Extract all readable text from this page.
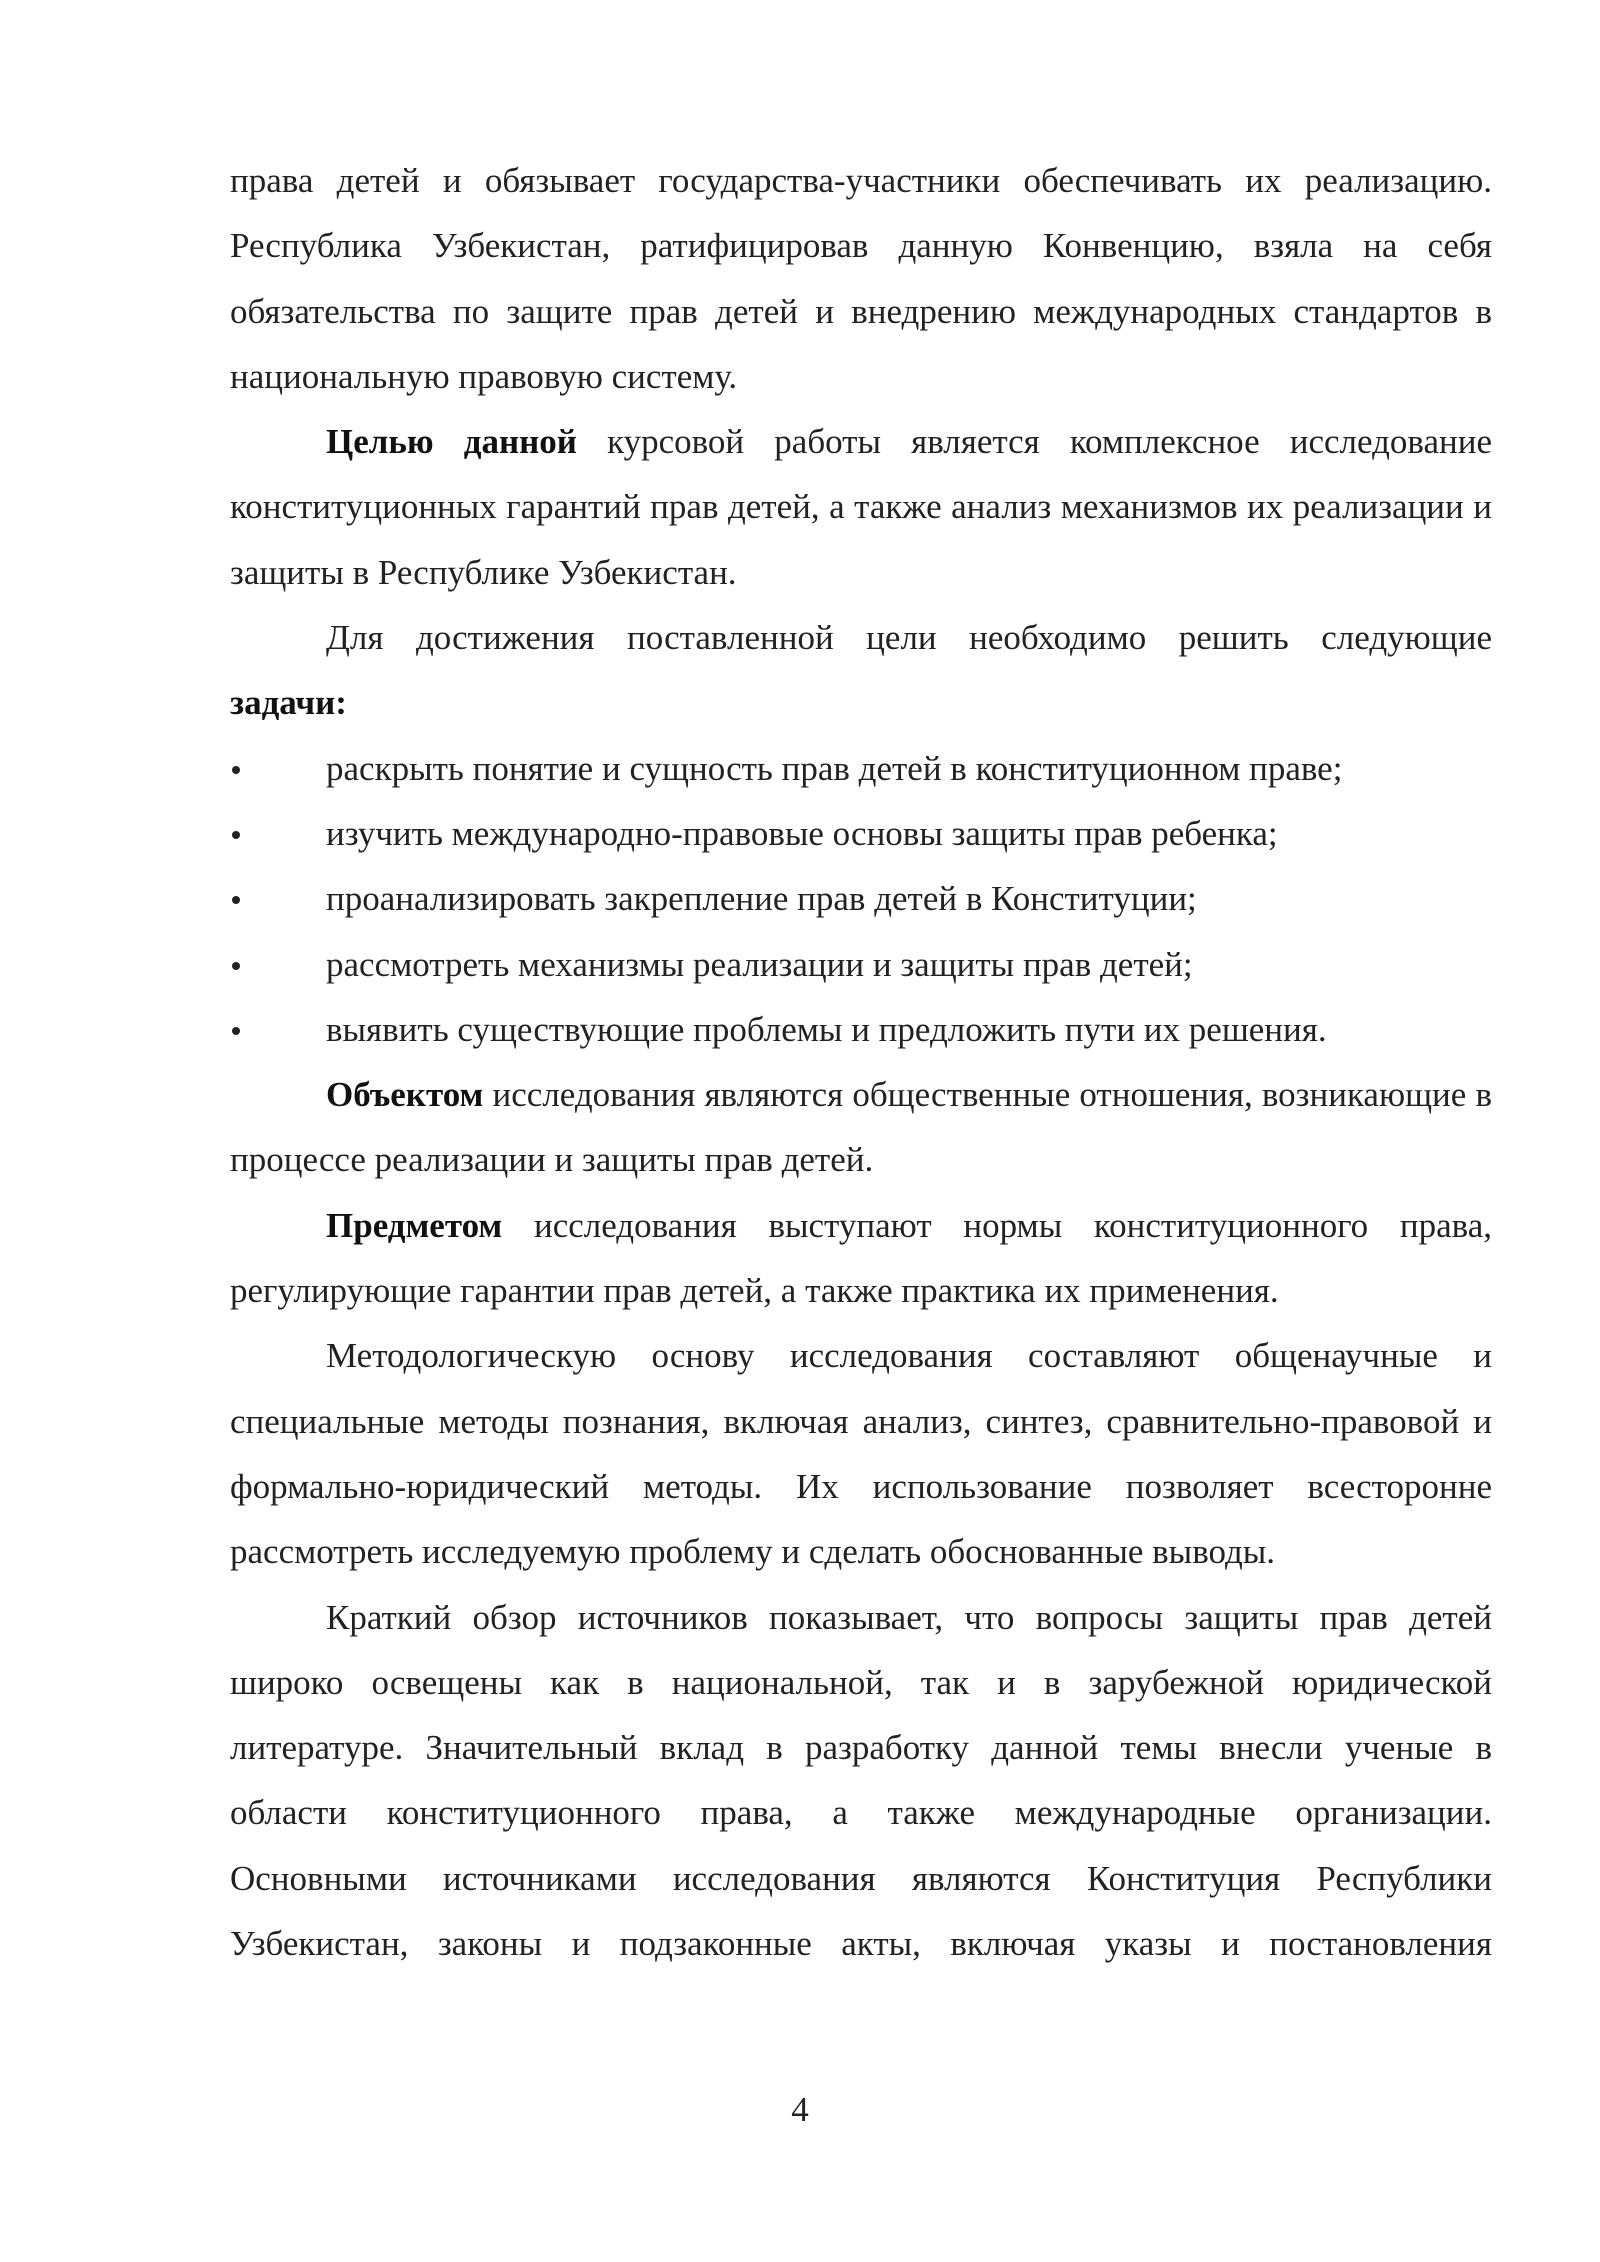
права детей и обязывает государства-участники обеспечивать их реализацию. Республика Узбекистан, ратифицировав данную Конвенцию, взяла на себя обязательства по защите прав детей и внедрению международных стандартов в национальную правовую систему.

Целью данной курсовой работы является комплексное исследование конституционных гарантий прав детей, а также анализ механизмов их реализации и защиты в Республике Узбекистан.

Для достижения поставленной цели необходимо решить следующие

задачи:

раскрыть понятие и сущность прав детей в конституционном праве;
изучить международно-правовые основы защиты прав ребенка;
проанализировать закрепление прав детей в Конституции;
рассмотреть механизмы реализации и защиты прав детей;
выявить существующие проблемы и предложить пути их решения.

Объектом исследования являются общественные отношения, возникающие в процессе реализации и защиты прав детей.

Предметом исследования выступают нормы конституционного права, регулирующие гарантии прав детей, а также практика их применения.

Методологическую основу исследования составляют общенаучные и специальные методы познания, включая анализ, синтез, сравнительно-правовой и формально-юридический методы. Их использование позволяет всесторонне рассмотреть исследуемую проблему и сделать обоснованные выводы.

Краткий обзор источников показывает, что вопросы защиты прав детей широко освещены как в национальной, так и в зарубежной юридической литературе. Значительный вклад в разработку данной темы внесли ученые в области конституционного права, а также международные организации. Основными источниками исследования являются Конституция Республики Узбекистан, законы и подзаконные акты, включая указы и постановления

4
